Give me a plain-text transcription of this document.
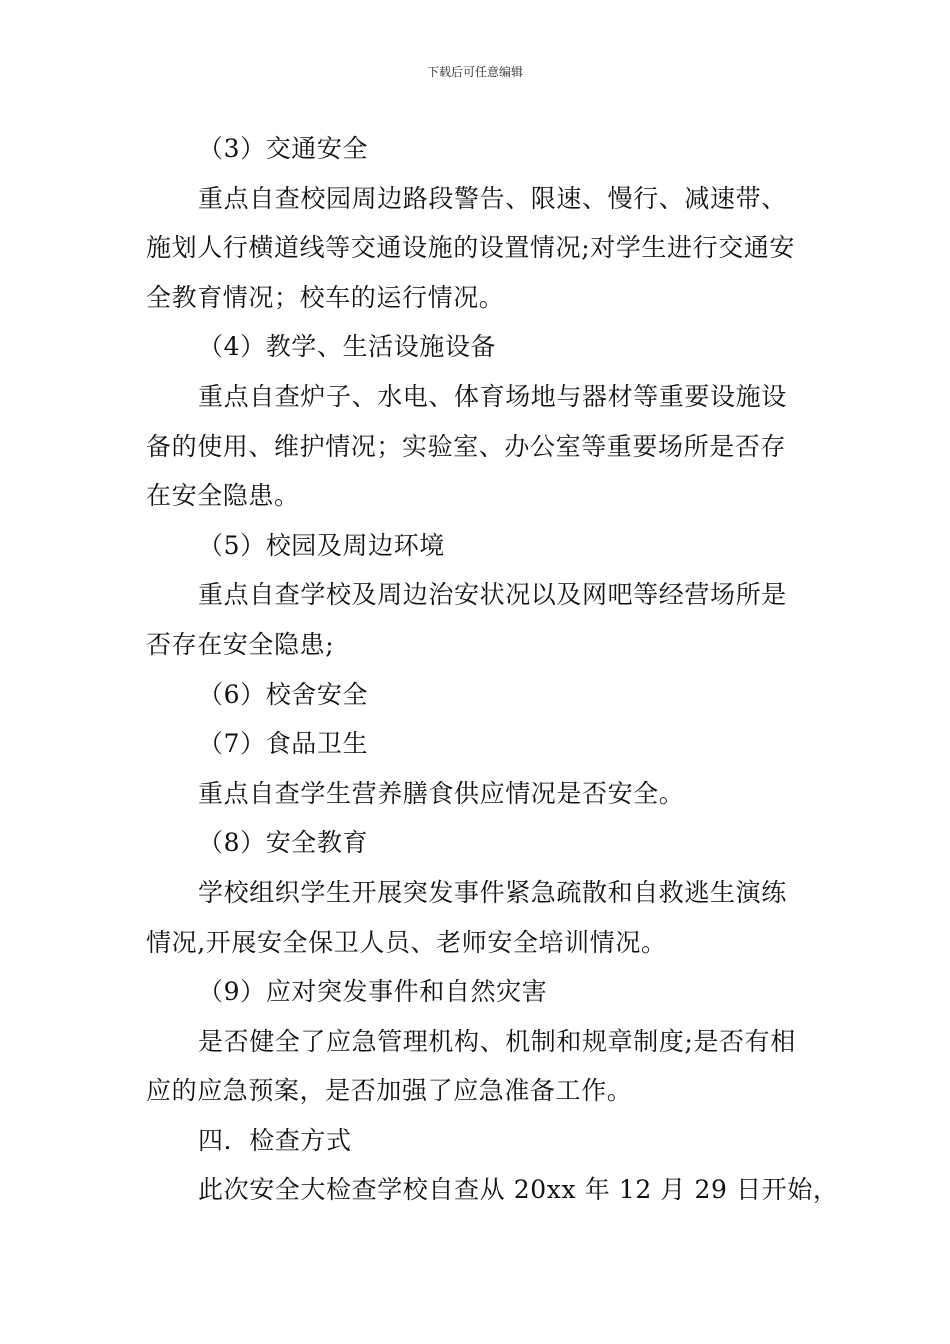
下载后可任意编辑
（3）交通安全
重点自查校园周边路段警告、限速、慢行、减速带、
施划人行横道线等交通设施的设置情况;对学生进行交通安
全教育情况；校车的运行情况。
（4）教学、生活设施设备
重点自查炉子、水电、体育场地与器材等重要设施设
备的使用、维护情况；实验室、办公室等重要场所是否存
在安全隐患。
（5）校园及周边环境
重点自查学校及周边治安状况以及网吧等经营场所是
否存在安全隐患;
（6）校舍安全
（7）食品卫生
重点自查学生营养膳食供应情况是否安全。
（8）安全教育
学校组织学生开展突发事件紧急疏散和自救逃生演练
情况,开展安全保卫人员、老师安全培训情况。
（9）应对突发事件和自然灾害
是否健全了应急管理机构、机制和规章制度;是否有相
应的应急预案，是否加强了应急准备工作。
四．检查方式
此次安全大检查学校自查从 20xx 年 12 月 29 日开始，
